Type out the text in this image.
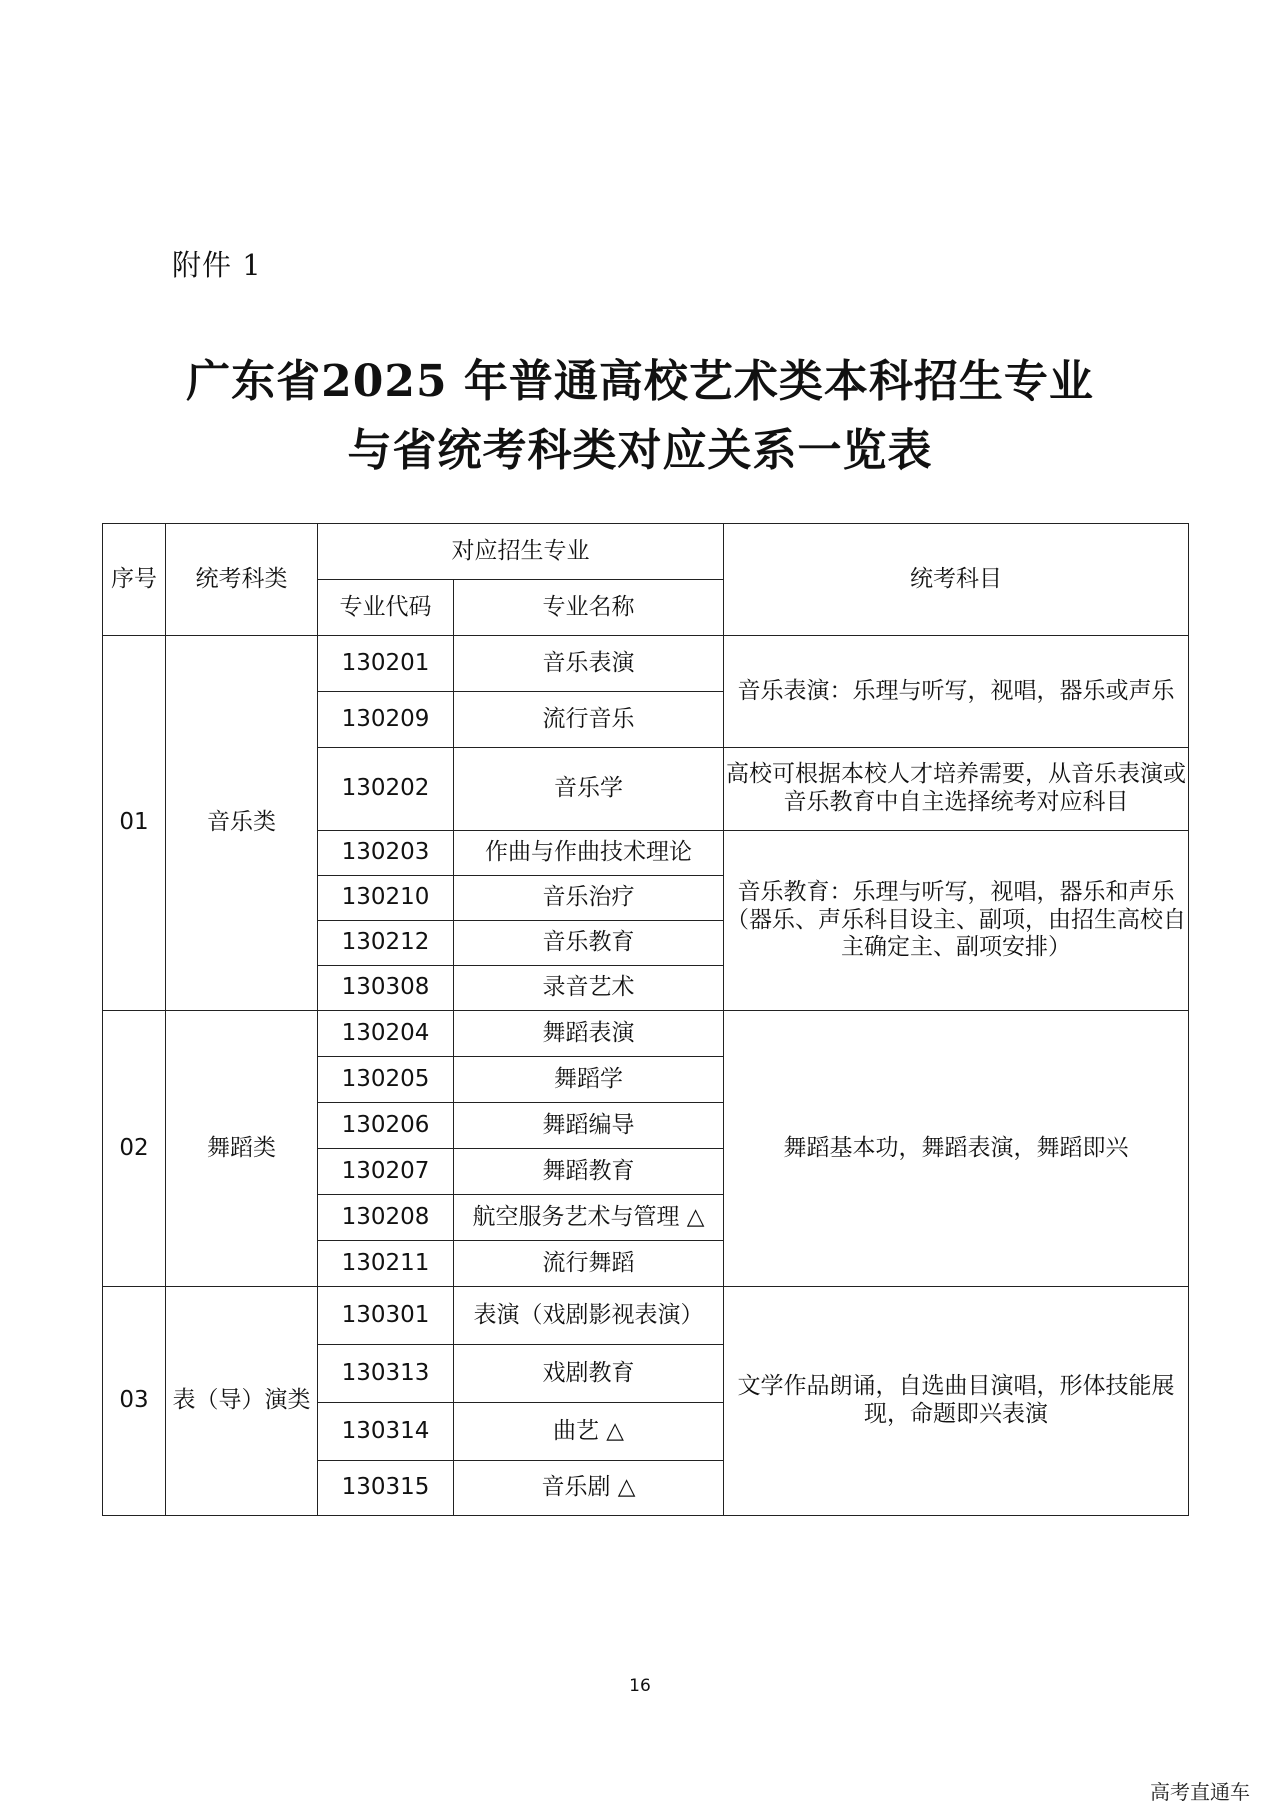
附件 1
广东省2025 年普通高校艺术类本科招生专业
与省统考科类对应关系一览表
序号	统考科类	对应招生专业		统考科目
		专业代码	专业名称	
01	音乐类	130201	音乐表演	音乐表演：乐理与听写，视唱，器乐或声乐
		130209	流行音乐	
		130202	音乐学	高校可根据本校人才培养需要，从音乐表演或音乐教育中自主选择统考对应科目
		130203	作曲与作曲技术理论	音乐教育：乐理与听写，视唱，器乐和声乐（器乐、声乐科目设主、副项，由招生高校自主确定主、副项安排）
		130210	音乐治疗	
		130212	音乐教育	
		130308	录音艺术	
02	舞蹈类	130204	舞蹈表演	舞蹈基本功，舞蹈表演，舞蹈即兴
		130205	舞蹈学	
		130206	舞蹈编导	
		130207	舞蹈教育	
		130208	航空服务艺术与管理 △	
		130211	流行舞蹈	
03	表（导）演类	130301	表演（戏剧影视表演）	文学作品朗诵，自选曲目演唱，形体技能展现，命题即兴表演
		130313	戏剧教育	
		130314	曲艺 △	
		130315	音乐剧 △	
16
高考直通车
